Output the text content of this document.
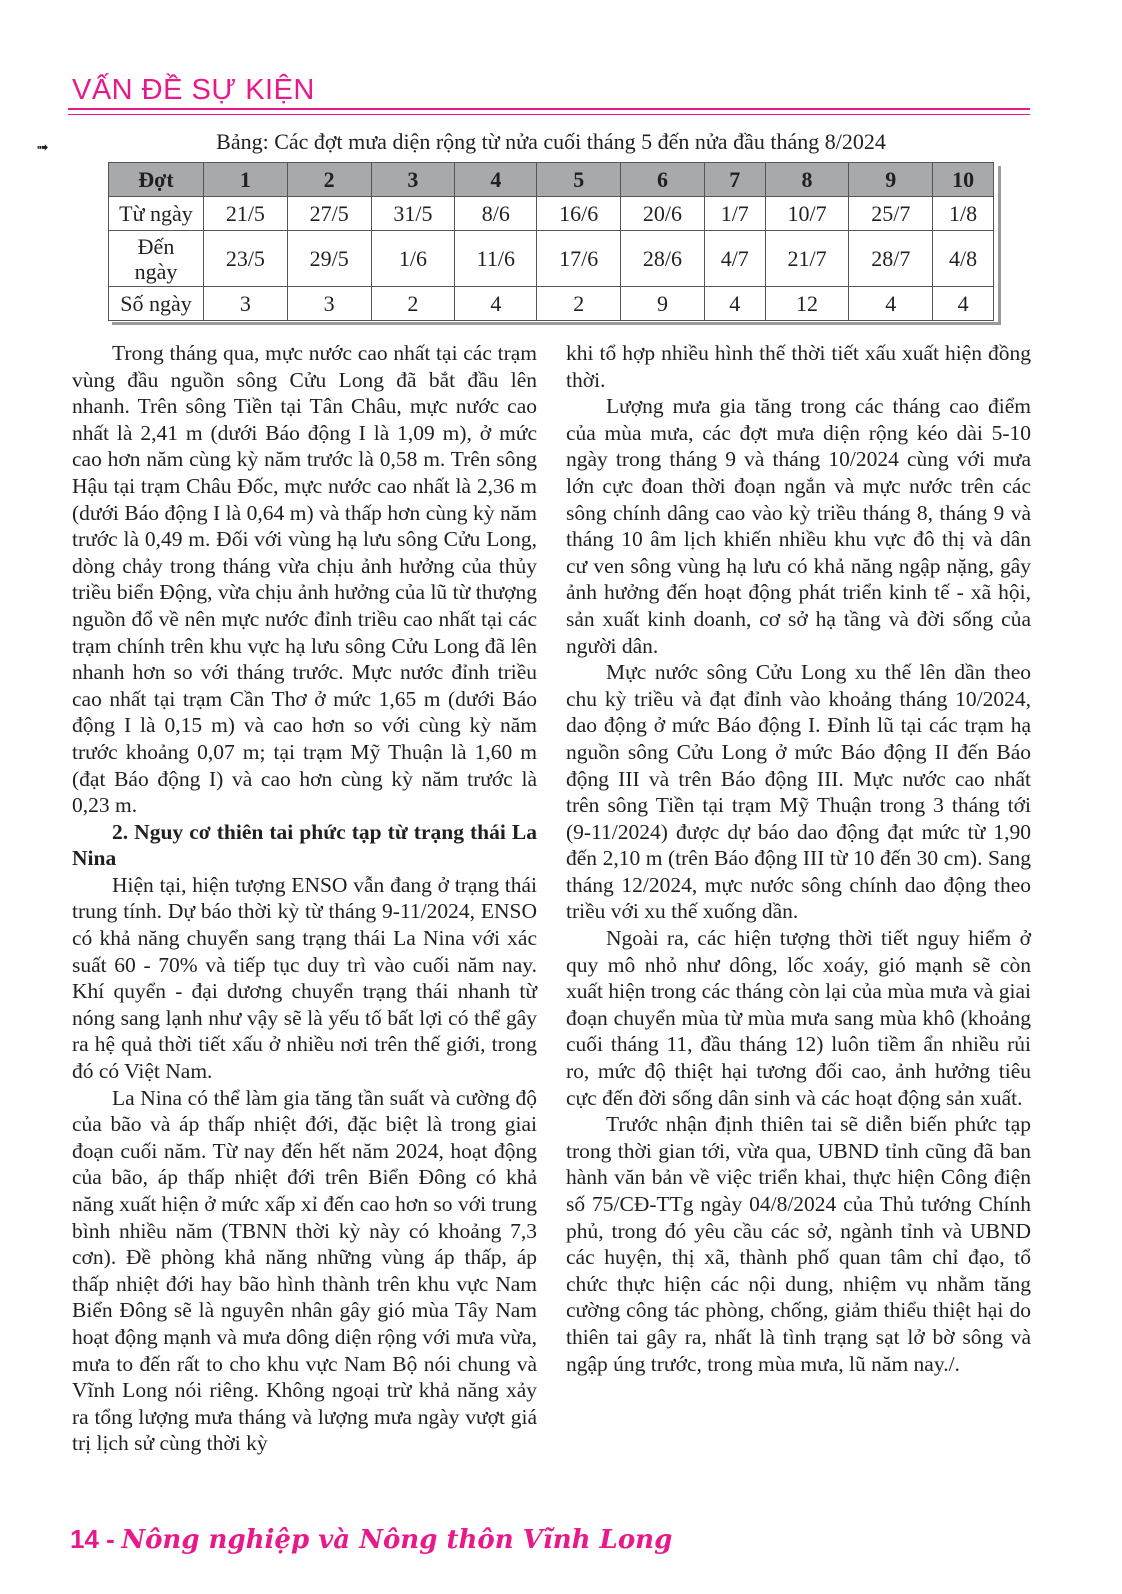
VẤN ĐỀ SỰ KIỆN
➟	Bảng: Các đợt mưa diện rộng từ nửa cuối tháng 5 đến nửa đầu tháng 8/2024
Đợt	1	2	3	4	5	6	7	8	9	10
Từ ngày	21/5	27/5	31/5	8/6	16/6	20/6	1/7	10/7	25/7	1/8
Đến
ngày	23/5	29/5	1/6	11/6	17/6	28/6	4/7	21/7	28/7	4/8
Số ngày	3	3	2	4	2	9	4	12	4	4

Trong tháng qua, mực nước cao nhất tại các trạm vùng đầu nguồn sông Cửu Long đã bắt đầu lên nhanh. Trên sông Tiền tại Tân Châu, mực nước cao nhất là 2,41 m (dưới Báo động I là 1,09 m), ở mức cao hơn năm cùng kỳ năm trước là 0,58 m. Trên sông Hậu tại trạm Châu Đốc, mực nước cao nhất là 2,36 m (dưới Báo động I là 0,64 m) và thấp hơn cùng kỳ năm trước là 0,49 m. Đối với vùng hạ lưu sông Cửu Long, dòng chảy trong tháng vừa chịu ảnh hưởng của thủy triều biển Động, vừa chịu ảnh hưởng của lũ từ thượng nguồn đổ về nên mực nước đỉnh triều cao nhất tại các trạm chính trên khu vực hạ lưu sông Cửu Long đã lên nhanh hơn so với tháng trước. Mực nước đỉnh triều cao nhất tại trạm Cần Thơ ở mức 1,65 m (dưới Báo động I là 0,15 m) và cao hơn so với cùng kỳ năm trước khoảng 0,07 m; tại trạm Mỹ Thuận là 1,60 m (đạt Báo động I) và cao hơn cùng kỳ năm trước là 0,23 m.

2. Nguy cơ thiên tai phức tạp từ trạng thái La Nina

Hiện tại, hiện tượng ENSO vẫn đang ở trạng thái trung tính. Dự báo thời kỳ từ tháng 9-11/2024, ENSO có khả năng chuyển sang trạng thái La Nina với xác suất 60 - 70% và tiếp tục duy trì vào cuối năm nay. Khí quyển - đại dương chuyển trạng thái nhanh từ nóng sang lạnh như vậy sẽ là yếu tố bất lợi có thể gây ra hệ quả thời tiết xấu ở nhiều nơi trên thế giới, trong đó có Việt Nam.

La Nina có thể làm gia tăng tần suất và cường độ của bão và áp thấp nhiệt đới, đặc biệt là trong giai đoạn cuối năm. Từ nay đến hết năm 2024, hoạt động của bão, áp thấp nhiệt đới trên Biển Đông có khả năng xuất hiện ở mức xấp xỉ đến cao hơn so với trung bình nhiều năm (TBNN thời kỳ này có khoảng 7,3 cơn). Đề phòng khả năng những vùng áp thấp, áp thấp nhiệt đới hay bão hình thành trên khu vực Nam Biển Đông sẽ là nguyên nhân gây gió mùa Tây Nam hoạt động mạnh và mưa dông diện rộng với mưa vừa, mưa to đến rất to cho khu vực Nam Bộ nói chung và Vĩnh Long nói riêng. Không ngoại trừ khả năng xảy ra tổng lượng mưa tháng và lượng mưa ngày vượt giá trị lịch sử cùng thời kỳ

khi tổ hợp nhiều hình thế thời tiết xấu xuất hiện đồng thời.

Lượng mưa gia tăng trong các tháng cao điểm của mùa mưa, các đợt mưa diện rộng kéo dài 5-10 ngày trong tháng 9 và tháng 10/2024 cùng với mưa lớn cực đoan thời đoạn ngắn và mực nước trên các sông chính dâng cao vào kỳ triều tháng 8, tháng 9 và tháng 10 âm lịch khiến nhiều khu vực đô thị và dân cư ven sông vùng hạ lưu có khả năng ngập nặng, gây ảnh hưởng đến hoạt động phát triển kinh tế - xã hội, sản xuất kinh doanh, cơ sở hạ tầng và đời sống của người dân.

Mực nước sông Cửu Long xu thế lên dần theo chu kỳ triều và đạt đỉnh vào khoảng tháng 10/2024, dao động ở mức Báo động I. Đỉnh lũ tại các trạm hạ nguồn sông Cửu Long ở mức Báo động II đến Báo động III và trên Báo động III. Mực nước cao nhất trên sông Tiền tại trạm Mỹ Thuận trong 3 tháng tới (9-11/2024) được dự báo dao động đạt mức từ 1,90 đến 2,10 m (trên Báo động III từ 10 đến 30 cm). Sang tháng 12/2024, mực nước sông chính dao động theo triều với xu thế xuống dần.

Ngoài ra, các hiện tượng thời tiết nguy hiểm ở quy mô nhỏ như dông, lốc xoáy, gió mạnh sẽ còn xuất hiện trong các tháng còn lại của mùa mưa và giai đoạn chuyển mùa từ mùa mưa sang mùa khô (khoảng cuối tháng 11, đầu tháng 12) luôn tiềm ẩn nhiều rủi ro, mức độ thiệt hại tương đối cao, ảnh hưởng tiêu cực đến đời sống dân sinh và các hoạt động sản xuất.

Trước nhận định thiên tai sẽ diễn biến phức tạp trong thời gian tới, vừa qua, UBND tỉnh cũng đã ban hành văn bản về việc triển khai, thực hiện Công điện số 75/CĐ-TTg ngày 04/8/2024 của Thủ tướng Chính phủ, trong đó yêu cầu các sở, ngành tỉnh và UBND các huyện, thị xã, thành phố quan tâm chỉ đạo, tổ chức thực hiện các nội dung, nhiệm vụ nhằm tăng cường công tác phòng, chống, giảm thiểu thiệt hại do thiên tai gây ra, nhất là tình trạng sạt lở bờ sông và ngập úng trước, trong mùa mưa, lũ năm nay./.

14 - Nông nghiệp và Nông thôn Vĩnh Long
